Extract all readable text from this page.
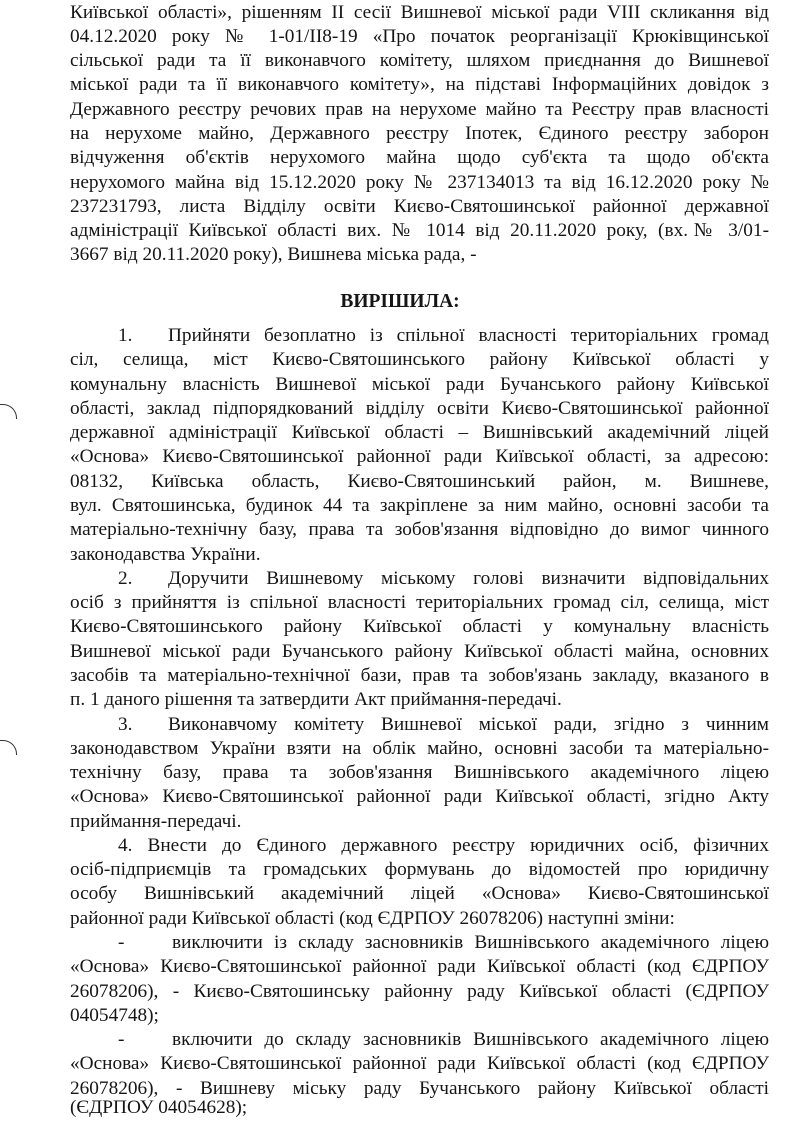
Київської області», рішенням ІІ сесії Вишневої міської ради VIII скликання від
04.12.2020 року № 1-01/ІІ8-19 «Про початок реорганізації Крюківщинської
сільської ради та її виконавчого комітету, шляхом приєднання до Вишневої
міської ради та її виконавчого комітету», на підставі Інформаційних довідок з
Державного реєстру речових прав на нерухоме майно та Реєстру прав власності
на нерухоме майно, Державного реєстру Іпотек, Єдиного реєстру заборон
відчуження об'єктів нерухомого майна щодо суб'єкта та щодо об'єкта
нерухомого майна від 15.12.2020 року № 237134013 та від 16.12.2020 року №
237231793, листа Відділу освіти Києво-Святошинської районної державної
адміністрації Київської області вих. № 1014 від 20.11.2020 року, (вх.№ 3/01-
3667 від 20.11.2020 року), Вишнева міська рада, -
ВИРІШИЛА:
1. Прийняти безоплатно із спільної власності територіальних громад
сіл, селища, міст Києво-Святошинського району Київської області у
комунальну власність Вишневої міської ради Бучанського району Київської
області, заклад підпорядкований відділу освіти Києво-Святошинської районної
державної адміністрації Київської області – Вишнівський академічний ліцей
«Основа» Києво-Святошинської районної ради Київської області, за адресою:
08132, Київська область, Києво-Святошинський район, м. Вишневе,
вул. Святошинська, будинок 44 та закріплене за ним майно, основні засоби та
матеріально-технічну базу, права та зобов'язання відповідно до вимог чинного
законодавства України.
2. Доручити Вишневому міському голові визначити відповідальних
осіб з прийняття із спільної власності територіальних громад сіл, селища, міст
Києво-Святошинського району Київської області у комунальну власність
Вишневої міської ради Бучанського району Київської області майна, основних
засобів та матеріально-технічної бази, прав та зобов'язань закладу, вказаного в
п. 1 даного рішення та затвердити Акт приймання-передачі.
3. Виконавчому комітету Вишневої міської ради, згідно з чинним
законодавством України взяти на облік майно, основні засоби та матеріально-
технічну базу, права та зобов'язання Вишнівського академічного ліцею
«Основа» Києво-Святошинської районної ради Київської області, згідно Акту
приймання-передачі.
4. Внести до Єдиного державного реєстру юридичних осіб, фізичних
осіб-підприємців та громадських формувань до відомостей про юридичну
особу Вишнівський академічний ліцей «Основа» Києво-Святошинської
районної ради Київської області (код ЄДРПОУ 26078206) наступні зміни:
- виключити із складу засновників Вишнівського академічного ліцею
«Основа» Києво-Святошинської районної ради Київської області (код ЄДРПОУ
26078206), - Києво-Святошинську районну раду Київської області (ЄДРПОУ
04054748);
- включити до складу засновників Вишнівського академічного ліцею
«Основа» Києво-Святошинської районної ради Київської області (код ЄДРПОУ
26078206), - Вишневу міську раду Бучанського району Київської області
(ЄДРПОУ 04054628);
